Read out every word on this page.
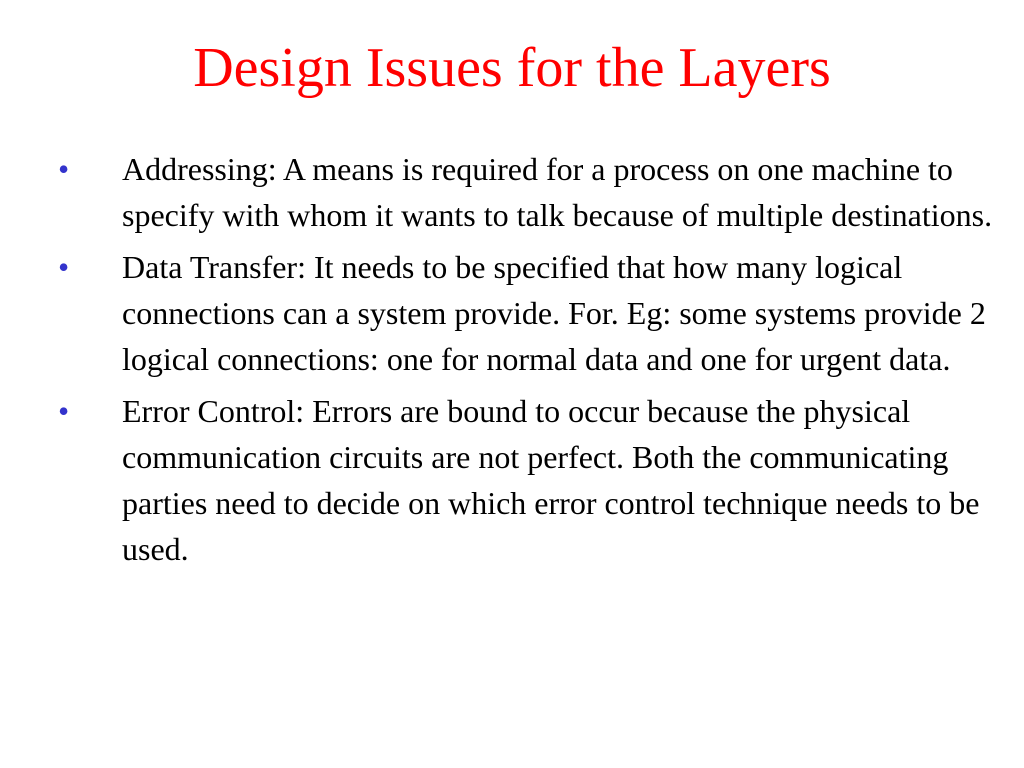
Design Issues for the Layers
• Addressing: A means is required for a process on one machine to specify with whom it wants to talk because of multiple destinations.
• Data Transfer: It needs to be specified that how many logical connections can a system provide. For. Eg: some systems provide 2 logical connections: one for normal data and one for urgent data.
• Error Control: Errors are bound to occur because the physical communication circuits are not perfect. Both the communicating parties need to decide on which error control technique needs to be used.
